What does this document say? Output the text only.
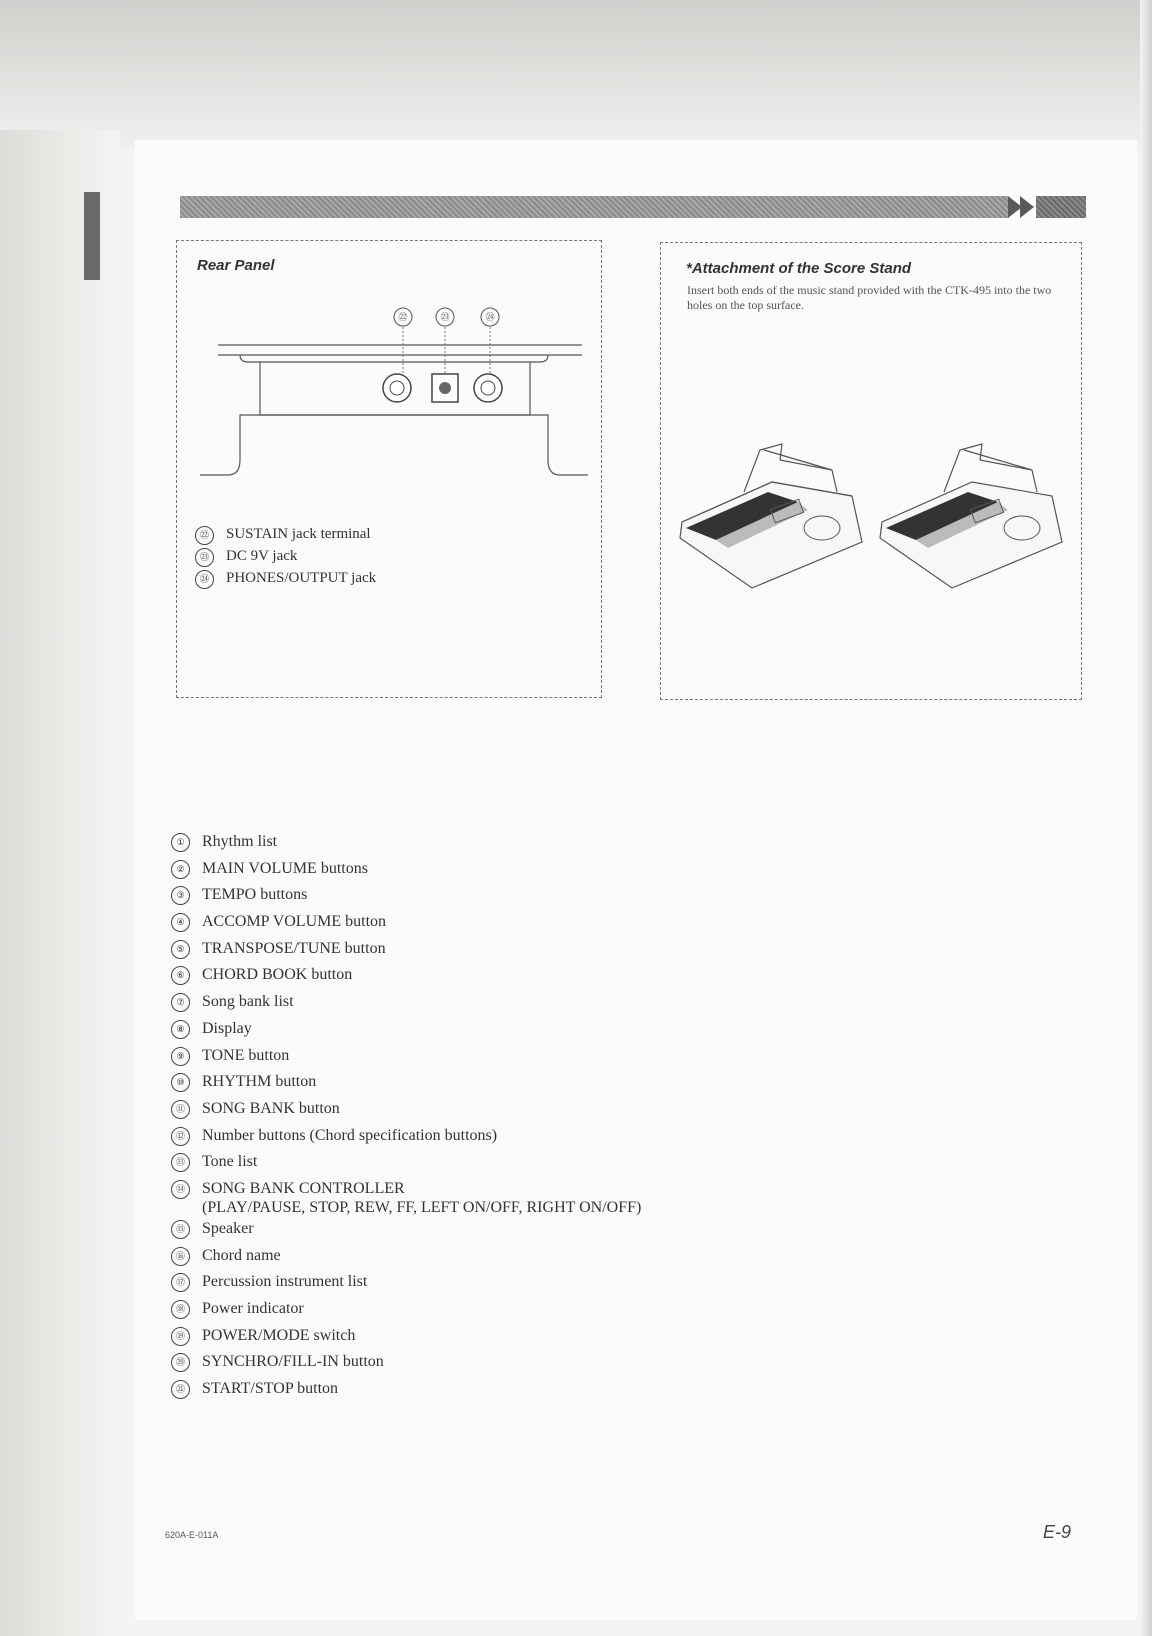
Rear Panel
㉒	㉓	㉔
㉒	SUSTAIN jack terminal
㉓	DC 9V jack
㉔	PHONES/OUTPUT jack
*Attachment of the Score Stand
Insert both ends of the music stand provided with the CTK-495 into the two holes on the top surface.
①	Rhythm list
②	MAIN VOLUME buttons
③	TEMPO buttons
④	ACCOMP VOLUME button
⑤	TRANSPOSE/TUNE button
⑥	CHORD BOOK button
⑦	Song bank list
⑧	Display
⑨	TONE button
⑩	RHYTHM button
⑪	SONG BANK button
⑫	Number buttons (Chord specification buttons)
⑬	Tone list
⑭	SONG BANK CONTROLLER
(PLAY/PAUSE, STOP, REW, FF, LEFT ON/OFF, RIGHT ON/OFF)
⑮	Speaker
⑯	Chord name
⑰	Percussion instrument list
⑱	Power indicator
⑲	POWER/MODE switch
⑳	SYNCHRO/FILL-IN button
㉑	START/STOP button
620A-E-011A	E-9
